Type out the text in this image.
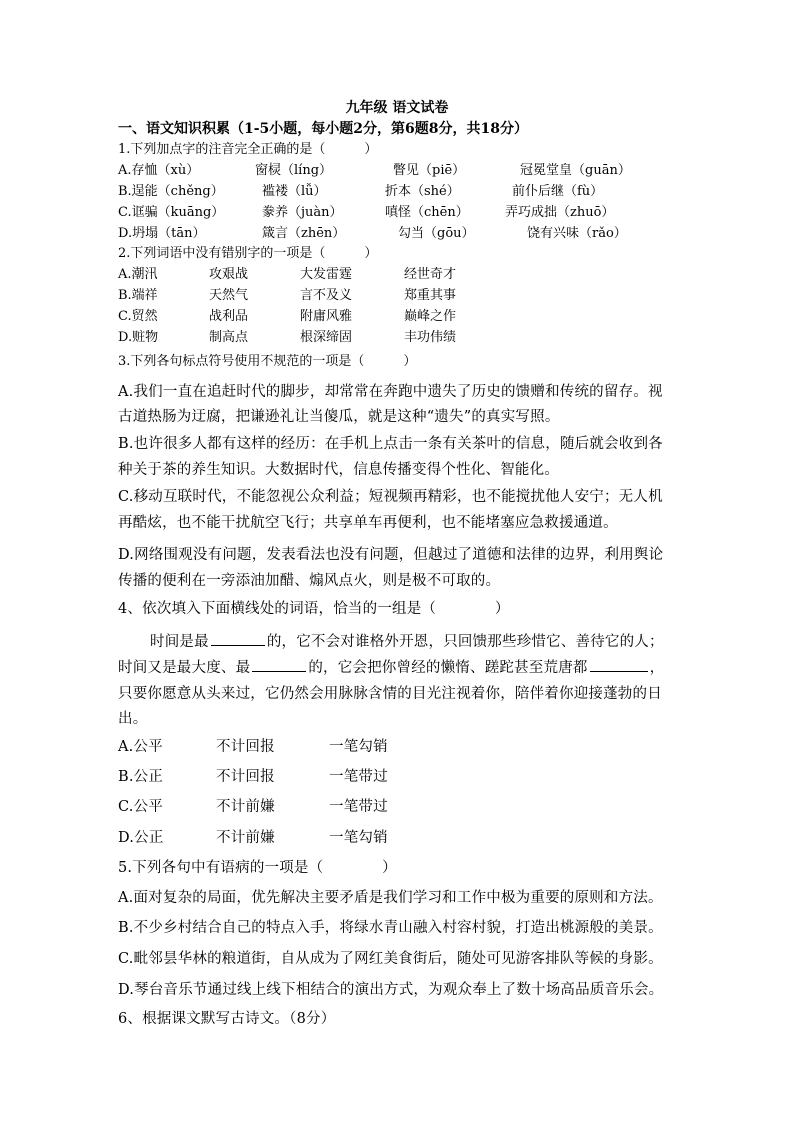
九年级 语文试卷
一、语文知识积累（1-5小题，每小题2分，第6题8分，共18分）
1.下列加点字的注音完全正确的是（　　　）
A.存恤（xù）	窗棂（líng）	瞥见（piē）	冠冕堂皇（guān）
B.逞能（chěng）	褴褛（lǚ）	折本（shé）	前仆后继（fù）
C.诓骗（kuāng）	豢养（juàn）	嗔怪（chēn）	弄巧成拙（zhuō）
D.坍塌（tān）	箴言（zhēn）	勾当（gōu）	饶有兴味（rǎo）
2.下列词语中没有错别字的一项是（　　　）
A.潮汛	攻艰战	大发雷霆	经世奇才
B.端祥	天然气	言不及义	郑重其事
C.贸然	战利品	附庸风雅	巅峰之作
D.赃物	制高点	根深缔固	丰功伟绩
3.下列各句标点符号使用不规范的一项是（　　　）
A.我们一直在追赶时代的脚步，却常常在奔跑中遗失了历史的馈赠和传统的留存。视
古道热肠为迂腐，把谦逊礼让当傻瓜，就是这种“遗失”的真实写照。
B.也许很多人都有这样的经历：在手机上点击一条有关茶叶的信息，随后就会收到各
种关于茶的养生知识。大数据时代，信息传播变得个性化、智能化。
C.移动互联时代，不能忽视公众利益；短视频再精彩，也不能搅扰他人安宁；无人机
再酷炫，也不能干扰航空飞行；共享单车再便利，也不能堵塞应急救援通道。
D.网络围观没有问题，发表看法也没有问题，但越过了道德和法律的边界，利用舆论
传播的便利在一旁添油加醋、煽风点火，则是极不可取的。
4、依次填入下面横线处的词语，恰当的一组是（　　　　）
时间是最	的，它不会对谁格外开恩，只回馈那些珍惜它、善待它的人；
时间又是最大度、最	的，它会把你曾经的懒惰、蹉跎甚至荒唐都	，
只要你愿意从头来过，它仍然会用脉脉含情的目光注视着你，陪伴着你迎接蓬勃的日
出。
A.公平	不计回报	一笔勾销
B.公正	不计回报	一笔带过
C.公平	不计前嫌	一笔带过
D.公正	不计前嫌	一笔勾销
5.下列各句中有语病的一项是（　　　　）
A.面对复杂的局面，优先解决主要矛盾是我们学习和工作中极为重要的原则和方法。
B.不少乡村结合自己的特点入手，将绿水青山融入村容村貌，打造出桃源般的美景。
C.毗邻昙华林的粮道街，自从成为了网红美食街后，随处可见游客排队等候的身影。
D.琴台音乐节通过线上线下相结合的演出方式，为观众奉上了数十场高品质音乐会。
6、根据课文默写古诗文。（8分）
